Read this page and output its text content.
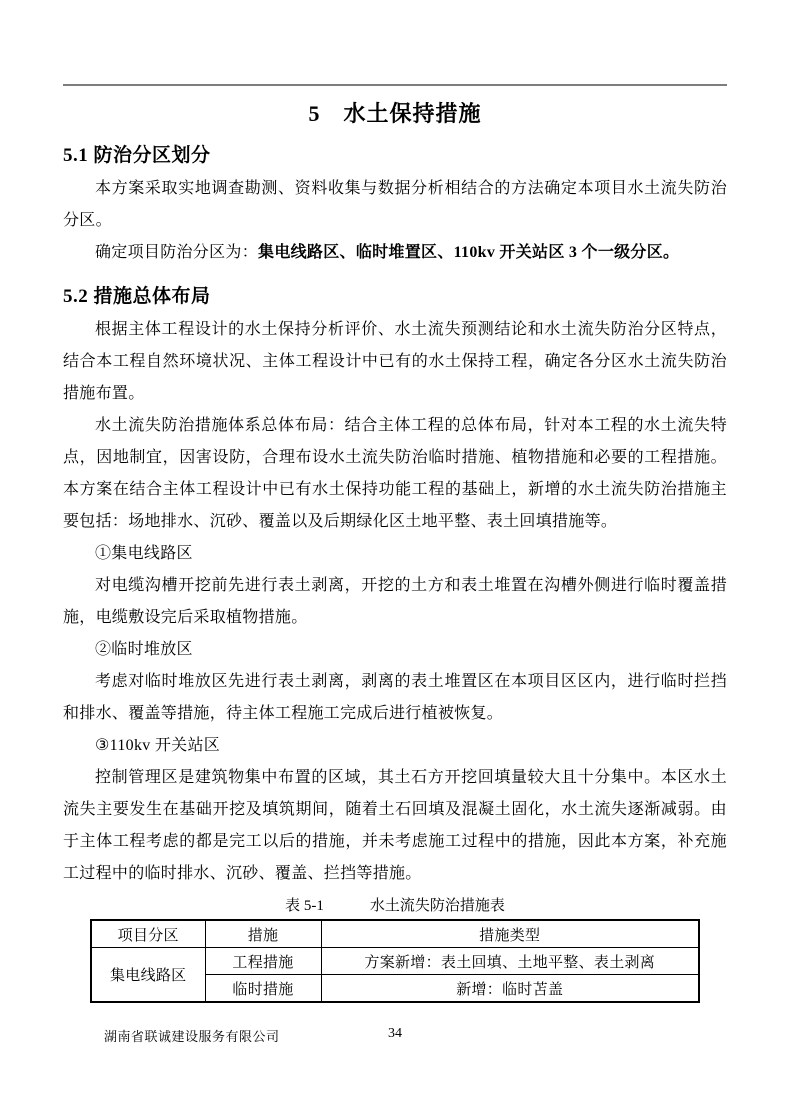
5　水土保持措施
5.1 防治分区划分

本方案采取实地调查勘测、资料收集与数据分析相结合的方法确定本项目水土流失防治分区。

确定项目防治分区为：集电线路区、临时堆置区、110kv 开关站区 3 个一级分区。

5.2 措施总体布局

根据主体工程设计的水土保持分析评价、水土流失预测结论和水土流失防治分区特点，结合本工程自然环境状况、主体工程设计中已有的水土保持工程，确定各分区水土流失防治措施布置。

水土流失防治措施体系总体布局：结合主体工程的总体布局，针对本工程的水土流失特点，因地制宜，因害设防，合理布设水土流失防治临时措施、植物措施和必要的工程措施。本方案在结合主体工程设计中已有水土保持功能工程的基础上，新增的水土流失防治措施主要包括：场地排水、沉砂、覆盖以及后期绿化区土地平整、表土回填措施等。

①集电线路区

对电缆沟槽开挖前先进行表土剥离，开挖的土方和表土堆置在沟槽外侧进行临时覆盖措施，电缆敷设完后采取植物措施。

②临时堆放区

考虑对临时堆放区先进行表土剥离，剥离的表土堆置区在本项目区区内，进行临时拦挡和排水、覆盖等措施，待主体工程施工完成后进行植被恢复。

③110kv 开关站区

控制管理区是建筑物集中布置的区域，其土石方开挖回填量较大且十分集中。本区水土流失主要发生在基础开挖及填筑期间，随着土石回填及混凝土固化，水土流失逐渐减弱。由于主体工程考虑的都是完工以后的措施，并未考虑施工过程中的措施，因此本方案，补充施工过程中的临时排水、沉砂、覆盖、拦挡等措施。

表 5-1	水土流失防治措施表
项目分区	措施	措施类型
集电线路区	工程措施	方案新增：表土回填、土地平整、表土剥离
	临时措施	新增：临时苫盖
湖南省联诚建设服务有限公司	34
